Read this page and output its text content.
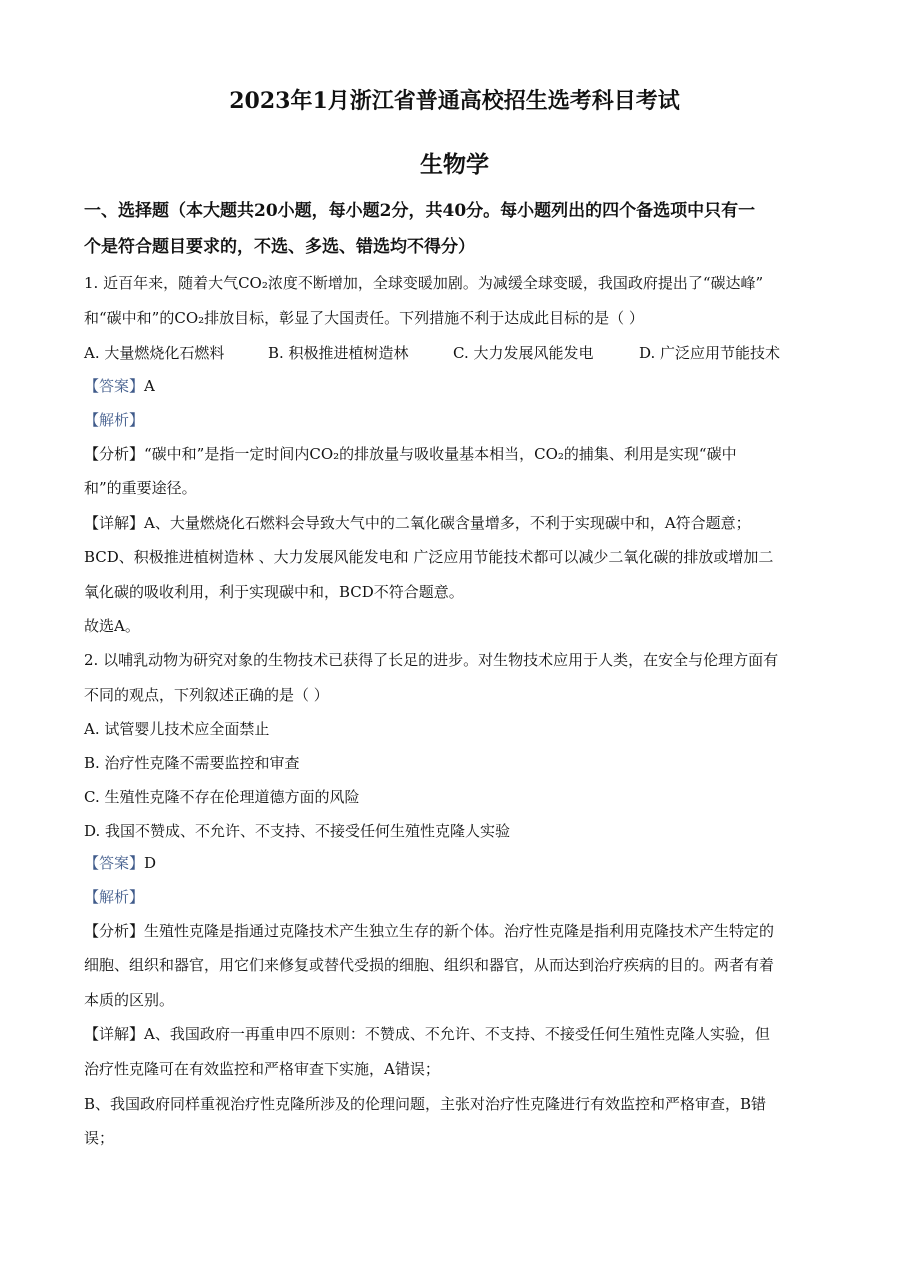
2023年1月浙江省普通高校招生选考科目考试
生物学
一、选择题（本大题共20小题，每小题2分，共40分。每小题列出的四个备选项中只有一
个是符合题目要求的，不选、多选、错选均不得分）
1. 近百年来，随着大气CO₂浓度不断增加，全球变暖加剧。为减缓全球变暖，我国政府提出了“碳达峰”
和“碳中和”的CO₂排放目标，彰显了大国责任。下列措施不利于达成此目标的是（ ）
A. 大量燃烧化石燃料	B. 积极推进植树造林	C. 大力发展风能发电	D. 广泛应用节能技术
【答案】A
【解析】
【分析】“碳中和”是指一定时间内CO₂的排放量与吸收量基本相当，CO₂的捕集、利用是实现“碳中
和”的重要途径。
【详解】A、大量燃烧化石燃料会导致大气中的二氧化碳含量增多，不利于实现碳中和，A符合题意；
BCD、积极推进植树造林 、大力发展风能发电和 广泛应用节能技术都可以减少二氧化碳的排放或增加二
氧化碳的吸收利用，利于实现碳中和，BCD不符合题意。
故选A。
2. 以哺乳动物为研究对象的生物技术已获得了长足的进步。对生物技术应用于人类，在安全与伦理方面有
不同的观点，下列叙述正确的是（ ）
A. 试管婴儿技术应全面禁止
B. 治疗性克隆不需要监控和审查
C. 生殖性克隆不存在伦理道德方面的风险
D. 我国不赞成、不允许、不支持、不接受任何生殖性克隆人实验
【答案】D
【解析】
【分析】生殖性克隆是指通过克隆技术产生独立生存的新个体。治疗性克隆是指利用克隆技术产生特定的
细胞、组织和器官，用它们来修复或替代受损的细胞、组织和器官，从而达到治疗疾病的目的。两者有着
本质的区别。
【详解】A、我国政府一再重申四不原则：不赞成、不允许、不支持、不接受任何生殖性克隆人实验，但
治疗性克隆可在有效监控和严格审查下实施，A错误；
B、我国政府同样重视治疗性克隆所涉及的伦理问题，主张对治疗性克隆进行有效监控和严格审查，B错
误；
